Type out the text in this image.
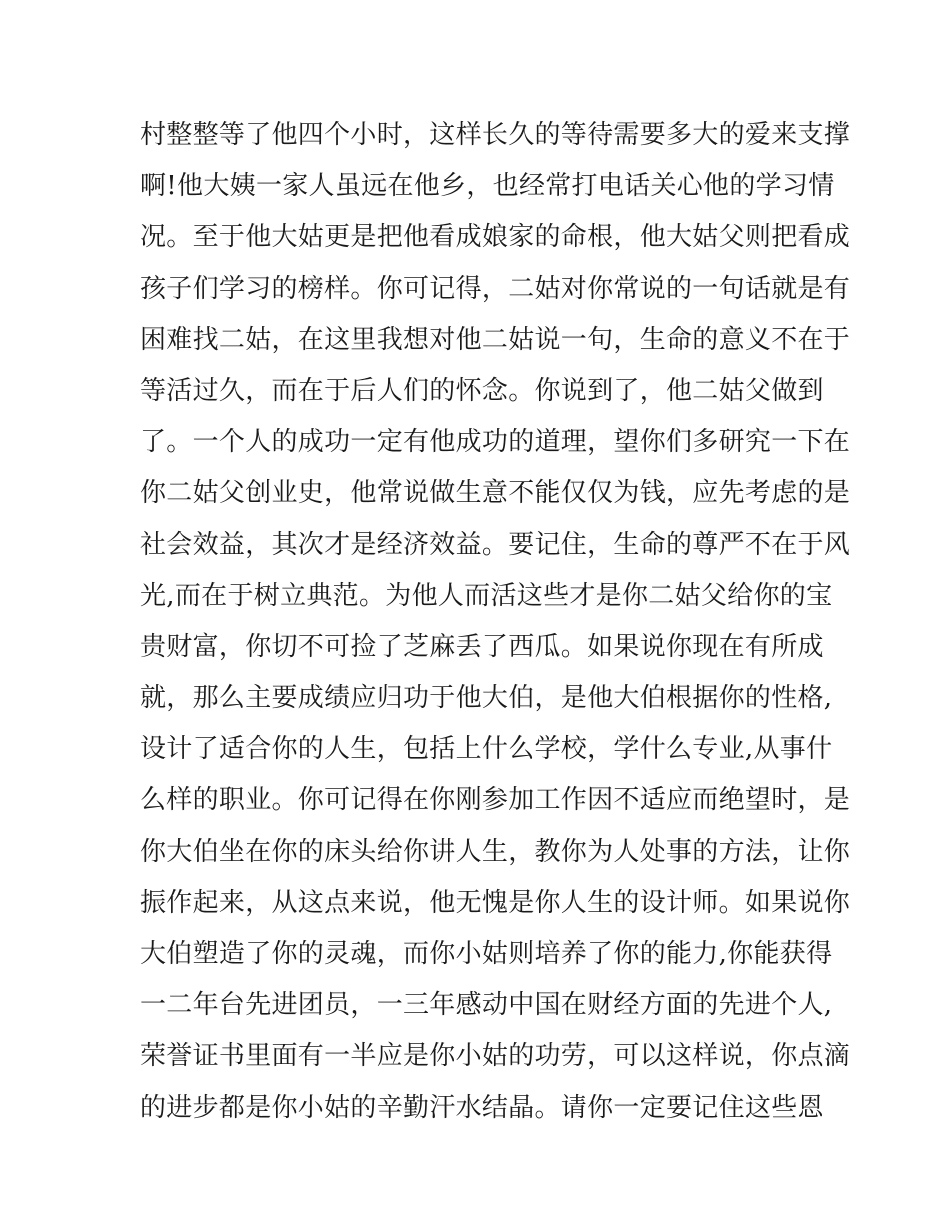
村整整等了他四个小时，这样长久的等待需要多大的爱来支撑
啊!他大姨一家人虽远在他乡，也经常打电话关心他的学习情
况。至于他大姑更是把他看成娘家的命根，他大姑父则把看成
孩子们学习的榜样。你可记得，二姑对你常说的一句话就是有
困难找二姑，在这里我想对他二姑说一句，生命的意义不在于
等活过久，而在于后人们的怀念。你说到了，他二姑父做到
了。一个人的成功一定有他成功的道理，望你们多研究一下在
你二姑父创业史，他常说做生意不能仅仅为钱，应先考虑的是
社会效益，其次才是经济效益。要记住，生命的尊严不在于风
光,而在于树立典范。为他人而活这些才是你二姑父给你的宝
贵财富，你切不可捡了芝麻丢了西瓜。如果说你现在有所成
就，那么主要成绩应归功于他大伯，是他大伯根据你的性格,
设计了适合你的人生，包括上什么学校，学什么专业,从事什
么样的职业。你可记得在你刚参加工作因不适应而绝望时，是
你大伯坐在你的床头给你讲人生，教你为人处事的方法，让你
振作起来，从这点来说，他无愧是你人生的设计师。如果说你
大伯塑造了你的灵魂，而你小姑则培养了你的能力,你能获得
一二年台先进团员，一三年感动中国在财经方面的先进个人,
荣誉证书里面有一半应是你小姑的功劳，可以这样说，你点滴
的进步都是你小姑的辛勤汗水结晶。请你一定要记住这些恩
